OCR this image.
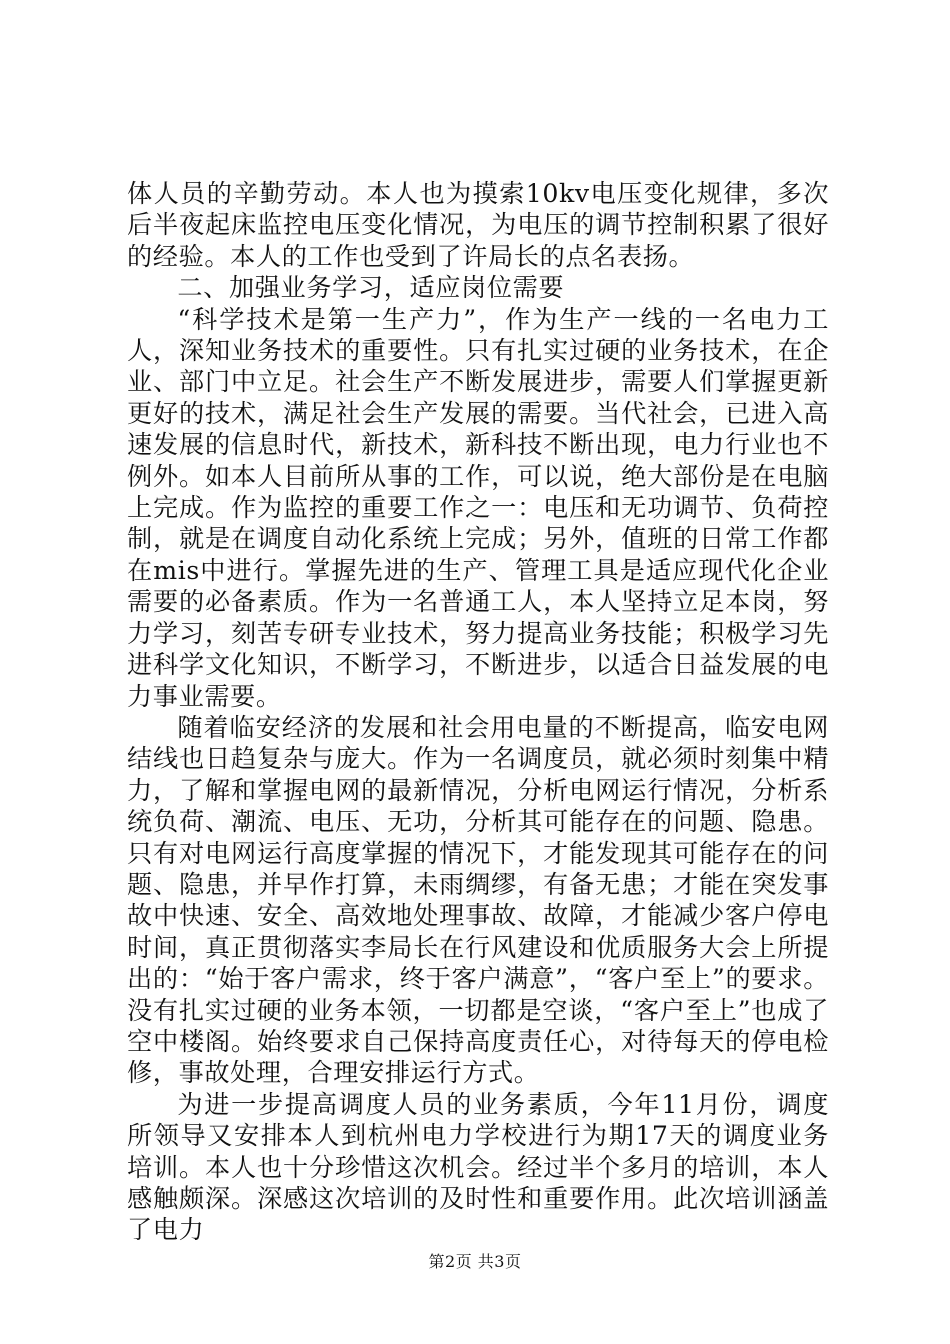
体人员的辛勤劳动。本人也为摸索10kv电压变化规律，多次后半夜起床监控电压变化情况，为电压的调节控制积累了很好的经验。本人的工作也受到了许局长的点名表扬。

二、加强业务学习，适应岗位需要

“科学技术是第一生产力”，作为生产一线的一名电力工人，深知业务技术的重要性。只有扎实过硬的业务技术，在企业、部门中立足。社会生产不断发展进步，需要人们掌握更新更好的技术，满足社会生产发展的需要。当代社会，已进入高速发展的信息时代，新技术，新科技不断出现，电力行业也不例外。如本人目前所从事的工作，可以说，绝大部份是在电脑上完成。作为监控的重要工作之一：电压和无功调节、负荷控制，就是在调度自动化系统上完成；另外，值班的日常工作都在mis中进行。掌握先进的生产、管理工具是适应现代化企业需要的必备素质。作为一名普通工人，本人坚持立足本岗，努力学习，刻苦专研专业技术，努力提高业务技能；积极学习先进科学文化知识，不断学习，不断进步，以适合日益发展的电力事业需要。

随着临安经济的发展和社会用电量的不断提高，临安电网结线也日趋复杂与庞大。作为一名调度员，就必须时刻集中精力，了解和掌握电网的最新情况，分析电网运行情况，分析系统负荷、潮流、电压、无功，分析其可能存在的问题、隐患。只有对电网运行高度掌握的情况下，才能发现其可能存在的问题、隐患，并早作打算，未雨绸缪，有备无患；才能在突发事故中快速、安全、高效地处理事故、故障，才能减少客户停电时间，真正贯彻落实李局长在行风建设和优质服务大会上所提出的：“始于客户需求，终于客户满意”，“客户至上”的要求。没有扎实过硬的业务本领，一切都是空谈，“客户至上”也成了空中楼阁。始终要求自己保持高度责任心，对待每天的停电检修，事故处理，合理安排运行方式。

为进一步提高调度人员的业务素质，今年11月份，调度所领导又安排本人到杭州电力学校进行为期17天的调度业务培训。本人也十分珍惜这次机会。经过半个多月的培训，本人感触颇深。深感这次培训的及时性和重要作用。此次培训涵盖了电力

第2页 共3页
